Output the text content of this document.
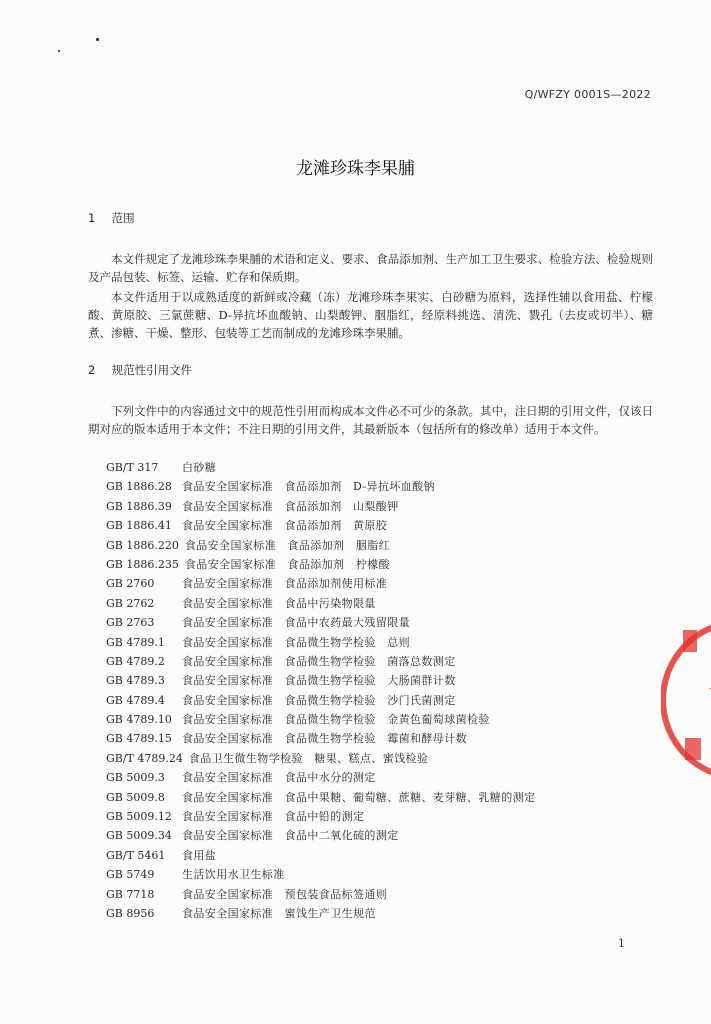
Q/WFZY 0001S—2022
龙滩珍珠李果脯
1 范围
本文件规定了龙滩珍珠李果脯的术语和定义、要求、食品添加剂、生产加工卫生要求、检验方法、检验规则及产品包装、标签、运输、贮存和保质期。
本文件适用于以成熟适度的新鲜或冷藏（冻）龙滩珍珠李果实、白砂糖为原料，选择性辅以食用盐、柠檬酸、黄原胶、三氯蔗糖、D-异抗坏血酸钠、山梨酸钾、胭脂红，经原料挑选、清洗、戮孔（去皮或切半）、糖煮、渗糖、干燥、整形、包装等工艺而制成的龙滩珍珠李果脯。
2 规范性引用文件
下列文件中的内容通过文中的规范性引用而构成本文件必不可少的条款。其中，注日期的引用文件，仅该日期对应的版本适用于本文件；不注日期的引用文件，其最新版本（包括所有的修改单）适用于本文件。
GB/T 317 白砂糖
GB 1886.28 食品安全国家标准　食品添加剂　D-异抗坏血酸钠
GB 1886.39 食品安全国家标准　食品添加剂　山梨酸钾
GB 1886.41 食品安全国家标准　食品添加剂　黄原胶
GB 1886.220 食品安全国家标准　食品添加剂　胭脂红
GB 1886.235 食品安全国家标准　食品添加剂　柠檬酸
GB 2760	食品安全国家标准　食品添加剂使用标准
GB 2762	食品安全国家标准　食品中污染物限量
GB 2763	食品安全国家标准　食品中农药最大残留限量
GB 4789.1 食品安全国家标准　食品微生物学检验　总则
GB 4789.2 食品安全国家标准　食品微生物学检验　菌落总数测定
GB 4789.3 食品安全国家标准　食品微生物学检验　大肠菌群计数
GB 4789.4 食品安全国家标准　食品微生物学检验　沙门氏菌测定
GB 4789.10 食品安全国家标准　食品微生物学检验　金黄色葡萄球菌检验
GB 4789.15 食品安全国家标准　食品微生物学检验　霉菌和酵母计数
GB/T 4789.24 食品卫生微生物学检验　糖果、糕点、蜜饯检验
GB 5009.3 食品安全国家标准　食品中水分的测定
GB 5009.8 食品安全国家标准　食品中果糖、葡萄糖、蔗糖、麦芽糖、乳糖的测定
GB 5009.12 食品安全国家标准　食品中铅的测定
GB 5009.34 食品安全国家标准　食品中二氧化硫的测定
GB/T 5461 食用盐
GB 5749	生活饮用水卫生标准
GB 7718	食品安全国家标准　预包装食品标签通则
GB 8956	食品安全国家标准　蜜饯生产卫生规范
1
